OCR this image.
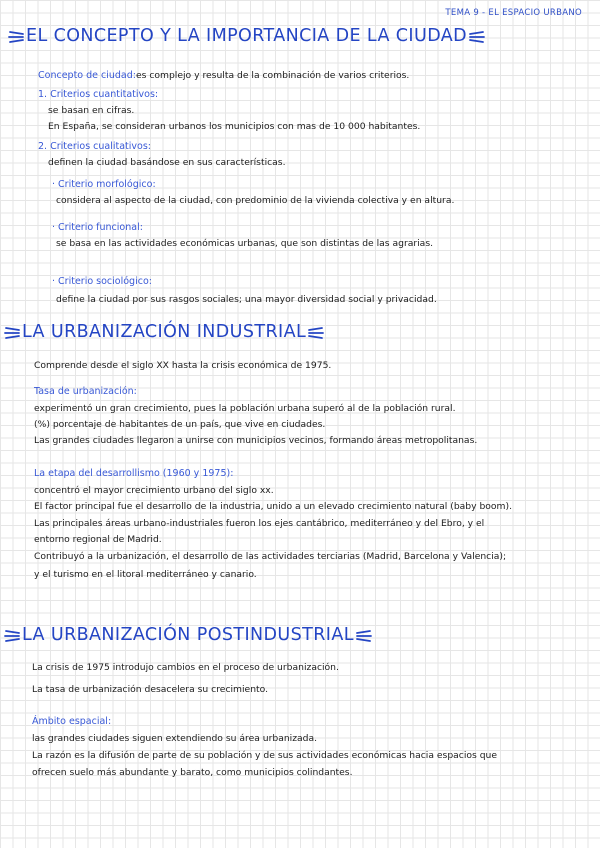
TEMA 9 - EL ESPACIO URBANO
EL CONCEPTO Y LA IMPORTANCIA DE LA CIUDAD
Concepto de ciudad:es complejo y resulta de la combinación de varios criterios.
1. Criterios cuantitativos:
se basan en cifras.
En España, se consideran urbanos los municipios con mas de 10 000 habitantes.
2. Criterios cualitativos:
definen la ciudad basándose en sus características.
· Criterio morfológico:
considera al aspecto de la ciudad, con predominio de la vivienda colectiva y en altura.
· Criterio funcional:
se basa en las actividades económicas urbanas, que son distintas de las agrarias.
· Criterio sociológico:
define la ciudad por sus rasgos sociales; una mayor diversidad social y privacidad.
LA URBANIZACIÓN INDUSTRIAL
Comprende desde el siglo XX hasta la crisis económica de 1975.
Tasa de urbanización:
experimentó un gran crecimiento, pues la población urbana superó al de la población rural.
(%) porcentaje de habitantes de un país, que vive en ciudades.
Las grandes ciudades llegaron a unirse con municipios vecinos, formando áreas metropolitanas.
La etapa del desarrollismo (1960 y 1975):
concentró el mayor crecimiento urbano del siglo xx.
El factor principal fue el desarrollo de la industria, unido a un elevado crecimiento natural (baby boom).
Las principales áreas urbano-industriales fueron los ejes cantábrico, mediterráneo y del Ebro, y el
entorno regional de Madrid.
Contribuyó a la urbanización, el desarrollo de las actividades terciarias (Madrid, Barcelona y Valencia);
y el turismo en el litoral mediterráneo y canario.
LA URBANIZACIÓN POSTINDUSTRIAL
La crisis de 1975 introdujo cambios en el proceso de urbanización.
La tasa de urbanización desacelera su crecimiento.
Ámbito espacial:
las grandes ciudades siguen extendiendo su área urbanizada.
La razón es la difusión de parte de su población y de sus actividades económicas hacia espacios que
ofrecen suelo más abundante y barato, como municipios colindantes.
